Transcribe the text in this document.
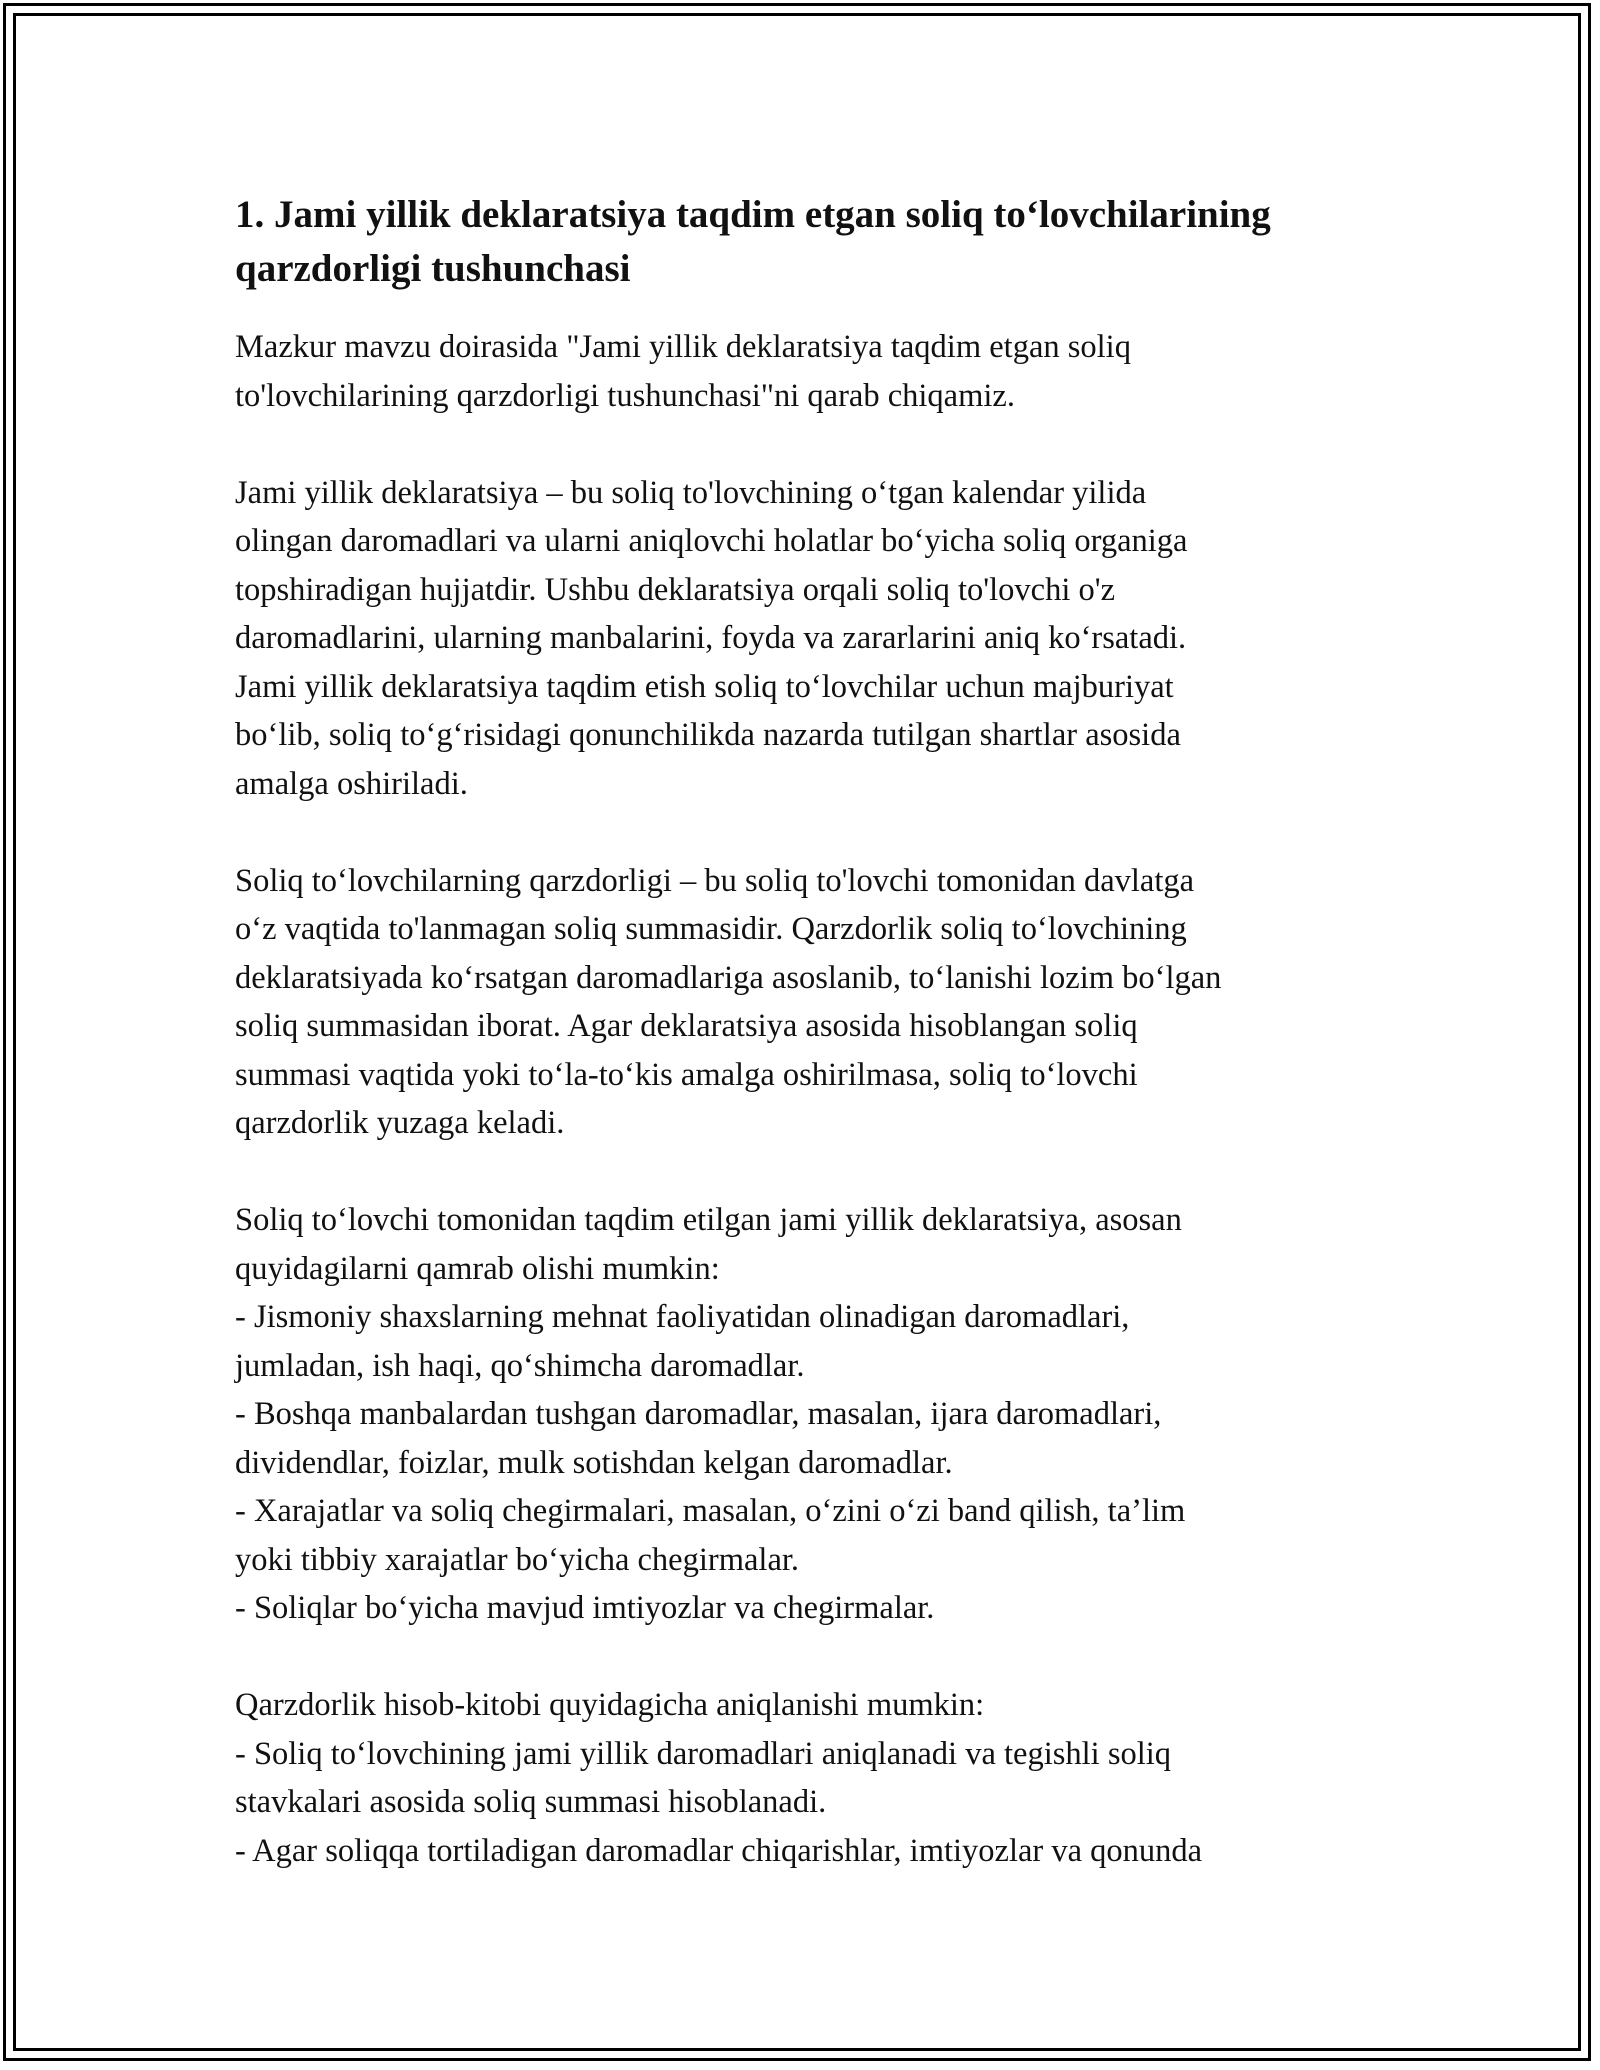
1. Jami yillik deklaratsiya taqdim etgan soliq to‘lovchilarining
qarzdorligi tushunchasi
Mazkur mavzu doirasida "Jami yillik deklaratsiya taqdim etgan soliq
to'lovchilarining qarzdorligi tushunchasi"ni qarab chiqamiz.
Jami yillik deklaratsiya – bu soliq to'lovchining o‘tgan kalendar yilida
olingan daromadlari va ularni aniqlovchi holatlar bo‘yicha soliq organiga
topshiradigan hujjatdir. Ushbu deklaratsiya orqali soliq to'lovchi o'z
daromadlarini, ularning manbalarini, foyda va zararlarini aniq ko‘rsatadi.
Jami yillik deklaratsiya taqdim etish soliq to‘lovchilar uchun majburiyat
bo‘lib, soliq to‘g‘risidagi qonunchilikda nazarda tutilgan shartlar asosida
amalga oshiriladi.
Soliq to‘lovchilarning qarzdorligi – bu soliq to'lovchi tomonidan davlatga
o‘z vaqtida to'lanmagan soliq summasidir. Qarzdorlik soliq to‘lovchining
deklaratsiyada ko‘rsatgan daromadlariga asoslanib, to‘lanishi lozim bo‘lgan
soliq summasidan iborat. Agar deklaratsiya asosida hisoblangan soliq
summasi vaqtida yoki to‘la-to‘kis amalga oshirilmasa, soliq to‘lovchi
qarzdorlik yuzaga keladi.
Soliq to‘lovchi tomonidan taqdim etilgan jami yillik deklaratsiya, asosan
quyidagilarni qamrab olishi mumkin:
- Jismoniy shaxslarning mehnat faoliyatidan olinadigan daromadlari,
jumladan, ish haqi, qo‘shimcha daromadlar.
- Boshqa manbalardan tushgan daromadlar, masalan, ijara daromadlari,
dividendlar, foizlar, mulk sotishdan kelgan daromadlar.
- Xarajatlar va soliq chegirmalari, masalan, o‘zini o‘zi band qilish, ta’lim
yoki tibbiy xarajatlar bo‘yicha chegirmalar.
- Soliqlar bo‘yicha mavjud imtiyozlar va chegirmalar.
Qarzdorlik hisob-kitobi quyidagicha aniqlanishi mumkin:
- Soliq to‘lovchining jami yillik daromadlari aniqlanadi va tegishli soliq
stavkalari asosida soliq summasi hisoblanadi.
- Agar soliqqa tortiladigan daromadlar chiqarishlar, imtiyozlar va qonunda
